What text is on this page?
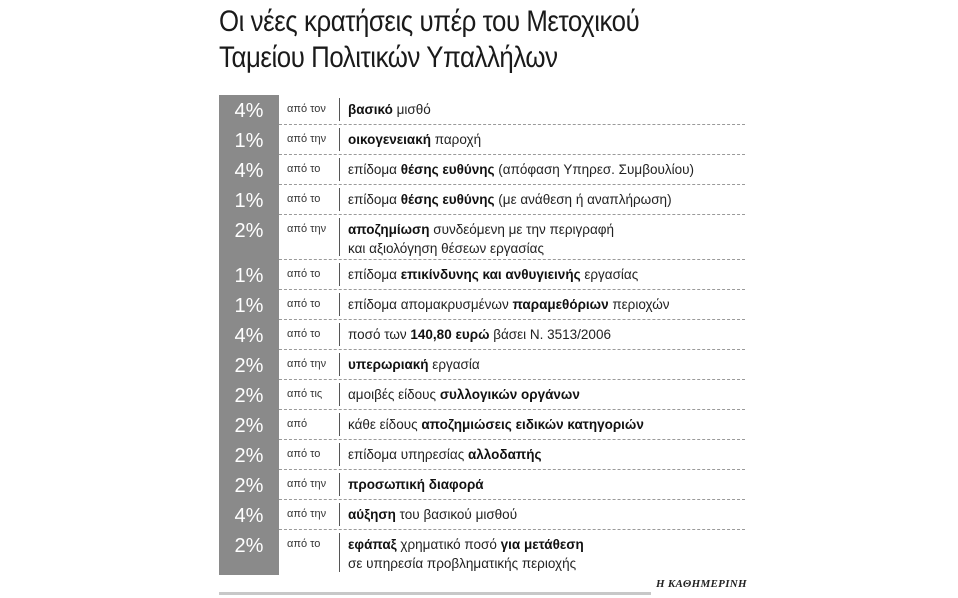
Οι νέες κρατήσεις υπέρ του Μετοχικού
Ταμείου Πολιτικών Υπαλλήλων
4%	από τον	βασικό μισθό
1%	από την	οικογενειακή παροχή
4%	από το	επίδομα θέσης ευθύνης (απόφαση Υπηρεσ. Συμβουλίου)
1%	από το	επίδομα θέσης ευθύνης (με ανάθεση ή αναπλήρωση)
2%	από την	αποζημίωση συνδεόμενη με την περιγραφή
και αξιολόγηση θέσεων εργασίας
1%	από το	επίδομα επικίνδυνης και ανθυγιεινής εργασίας
1%	από το	επίδομα απομακρυσμένων παραμεθόριων περιοχών
4%	από το	ποσό των 140,80 ευρώ βάσει Ν. 3513/2006
2%	από την	υπερωριακή εργασία
2%	από τις	αμοιβές είδους συλλογικών οργάνων
2%	από	κάθε είδους αποζημιώσεις ειδικών κατηγοριών
2%	από το	επίδομα υπηρεσίας αλλοδαπής
2%	από την	προσωπική διαφορά
4%	από την	αύξηση του βασικού μισθού
2%	από το	εφάπαξ χρηματικό ποσό για μετάθεση
σε υπηρεσία προβληματικής περιοχής
Η ΚΑΘΗΜΕΡΙΝΗ
